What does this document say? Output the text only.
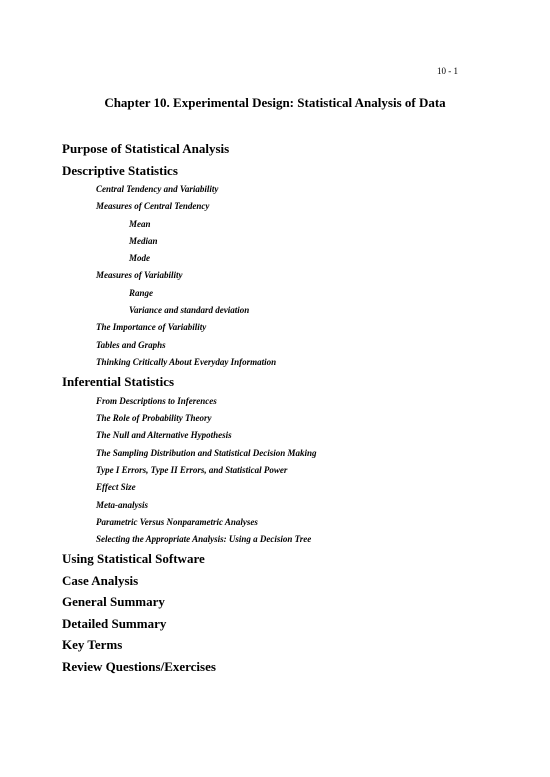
10 - 1
Chapter 10. Experimental Design: Statistical Analysis of Data
Purpose of Statistical Analysis
Descriptive Statistics
Central Tendency and Variability
Measures of Central Tendency
Mean
Median
Mode
Measures of Variability
Range
Variance and standard deviation
The Importance of Variability
Tables and Graphs
Thinking Critically About Everyday Information
Inferential Statistics
From Descriptions to Inferences
The Role of Probability Theory
The Null and Alternative Hypothesis
The Sampling Distribution and Statistical Decision Making
Type I Errors, Type II Errors, and Statistical Power
Effect Size
Meta-analysis
Parametric Versus Nonparametric Analyses
Selecting the Appropriate Analysis: Using a Decision Tree
Using Statistical Software
Case Analysis
General Summary
Detailed Summary
Key Terms
Review Questions/Exercises
